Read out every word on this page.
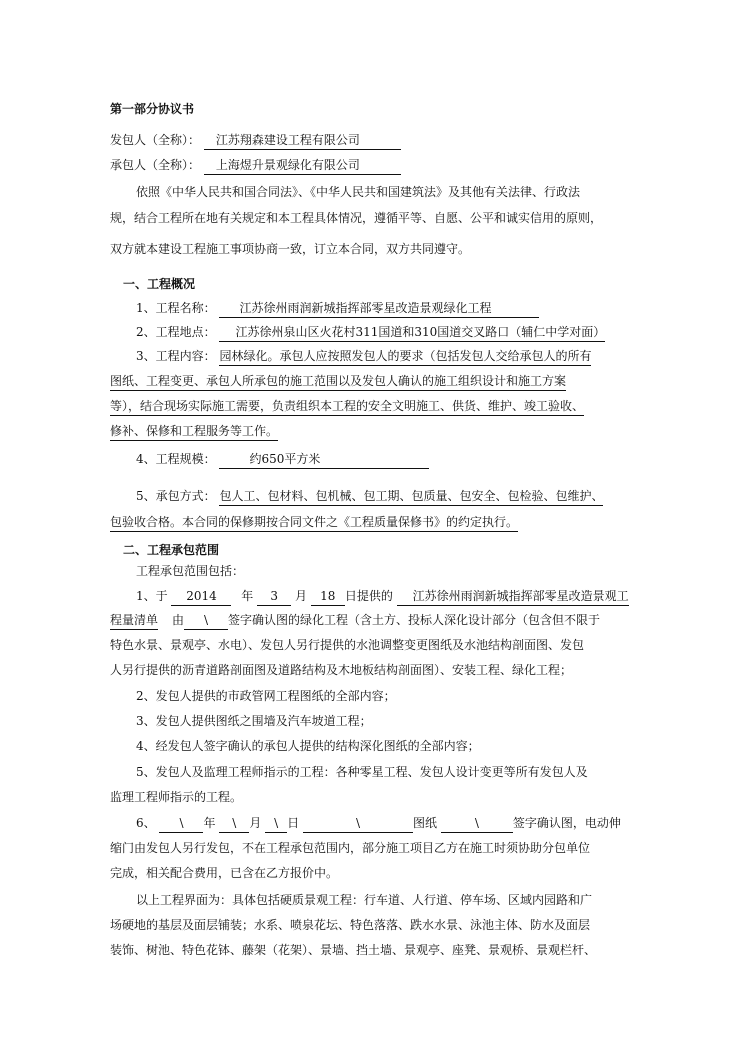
第一部分协议书
发包人（全称）： 江苏翔森建设工程有限公司
承包人（全称）： 上海煜升景观绿化有限公司
依照《中华人民共和国合同法》、《中华人民共和国建筑法》及其他有关法律、行政法
规，结合工程所在地有关规定和本工程具体情况，遵循平等、自愿、公平和诚实信用的原则，
双方就本建设工程施工事项协商一致，订立本合同，双方共同遵守。
一、工程概况
1、工程名称： 江苏徐州雨润新城指挥部零星改造景观绿化工程
2、工程地点： 江苏徐州泉山区火花村311国道和310国道交叉路口（辅仁中学对面）
3、工程内容： 园林绿化。承包人应按照发包人的要求（包括发包人交给承包人的所有
图纸、工程变更、承包人所承包的施工范围以及发包人确认的施工组织设计和施工方案
等），结合现场实际施工需要，负责组织本工程的安全文明施工、供货、维护、竣工验收、
修补、保修和工程服务等工作。
4、工程规模：	约650平方米
5、承包方式： 包人工、包材料、包机械、包工期、包质量、包安全、包检验、包维护、
包验收合格。本合同的保修期按合同文件之《工程质量保修书》的约定执行。
二、工程承包范围
工程承包范围包括：
1、于 2014 年 3 月 18 日提供的 江苏徐州雨润新城指挥部零星改造景观工
程量清单 由 \ 签字确认图的绿化工程（含土方、投标人深化设计部分（包含但不限于
特色水景、景观亭、水电）、发包人另行提供的水池调整变更图纸及水池结构剖面图、发包
人另行提供的沥青道路剖面图及道路结构及木地板结构剖面图）、安装工程、绿化工程；
2、发包人提供的市政管网工程图纸的全部内容；
3、发包人提供图纸之围墙及汽车坡道工程；
4、经发包人签字确认的承包人提供的结构深化图纸的全部内容；
5、发包人及监理工程师指示的工程：各种零星工程、发包人设计变更等所有发包人及
监理工程师指示的工程。
6、 \ 年 \ 月 \ 日	\	图纸	\	签字确认图，电动伸
缩门由发包人另行发包，不在工程承包范围内，部分施工项目乙方在施工时须协助分包单位
完成，相关配合费用，已含在乙方报价中。
以上工程界面为：具体包括硬质景观工程：行车道、人行道、停车场、区域内园路和广
场硬地的基层及面层铺装；水系、喷泉花坛、特色落落、跌水水景、泳池主体、防水及面层
装饰、树池、特色花钵、藤架（花架）、景墙、挡土墙、景观亭、座凳、景观桥、景观栏杆、
